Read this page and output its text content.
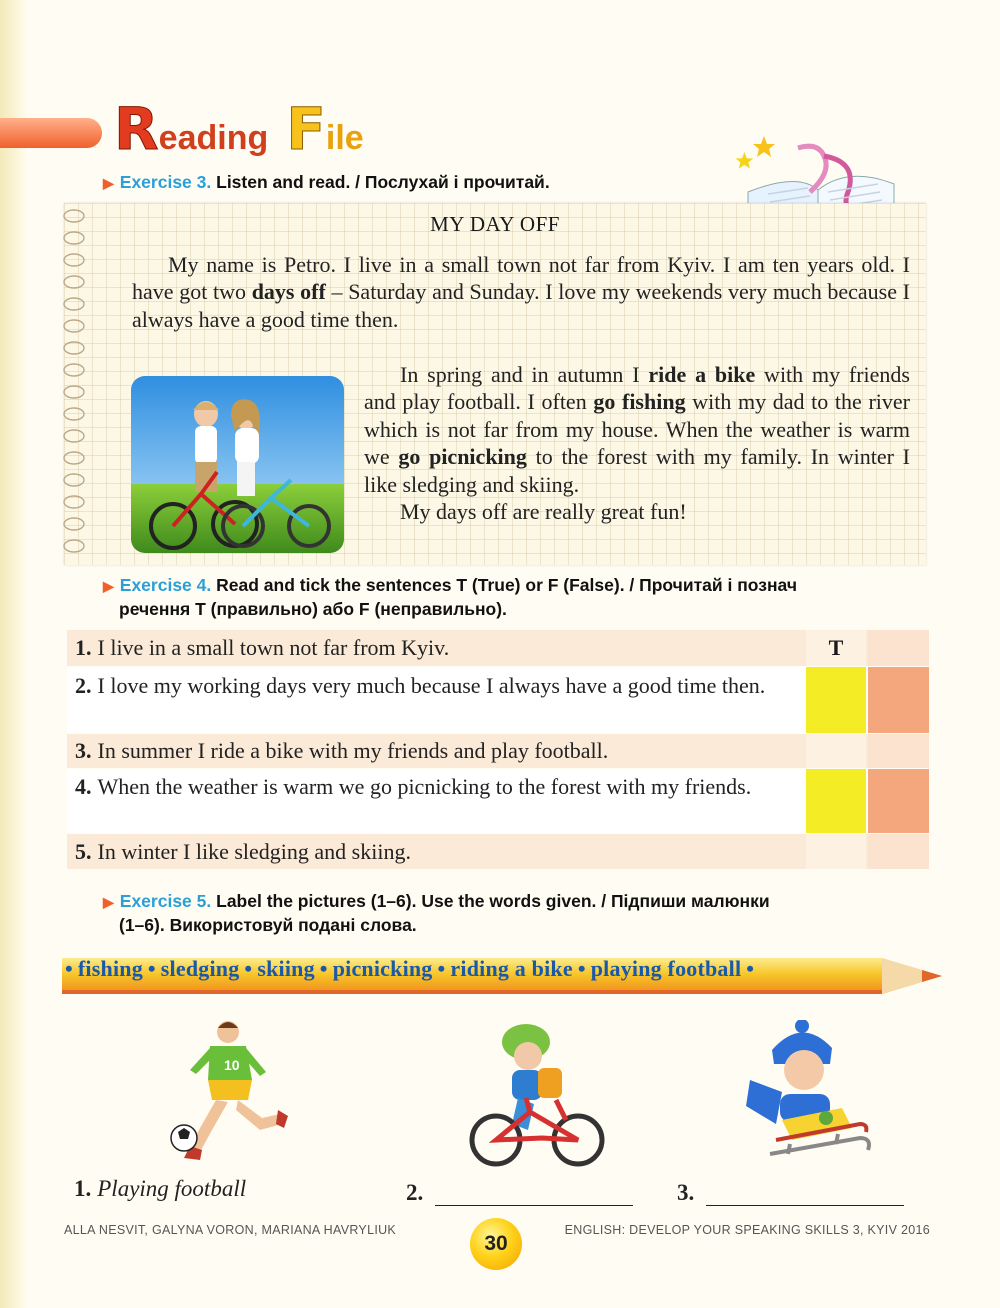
R eading F ile
▶ Exercise 3. Listen and read. / Послухай і прочитай.
MY DAY OFF
My name is Petro. I live in a small town not far from Kyiv. I am ten years old. I have got two days off – Saturday and Sunday. I love my weekends very much because I always have a good time then.
In spring and in autumn I ride a bike with my friends and play football. I often go fishing with my dad to the river which is not far from my house. When the weather is warm we go picnicking to the forest with my family. In winter I like sledging and skiing.
My days off are really great fun!
▶ Exercise 4. Read and tick the sentences T (True) or F (False). / Прочитай і познач
речення T (правильно) або F (неправильно).
1. I live in a small town not far from Kyiv.	T
2. I love my working days very much because I always have a good time then.
3. In summer I ride a bike with my friends and play football.
4. When the weather is warm we go picnicking to the forest with my friends.
5. In winter I like sledging and skiing.
▶ Exercise 5. Label the pictures (1–6). Use the words given. / Підпиши малюнки
(1–6). Використовуй подані слова.
• fishing • sledging • skiing • picnicking • riding a bike • playing football •
10
1. Playing football	2.	3.
ALLA NESVIT, GALYNA VORON, MARIANA HAVRYLIUK
30
ENGLISH: DEVELOP YOUR SPEAKING SKILLS 3, KYIV 2016
